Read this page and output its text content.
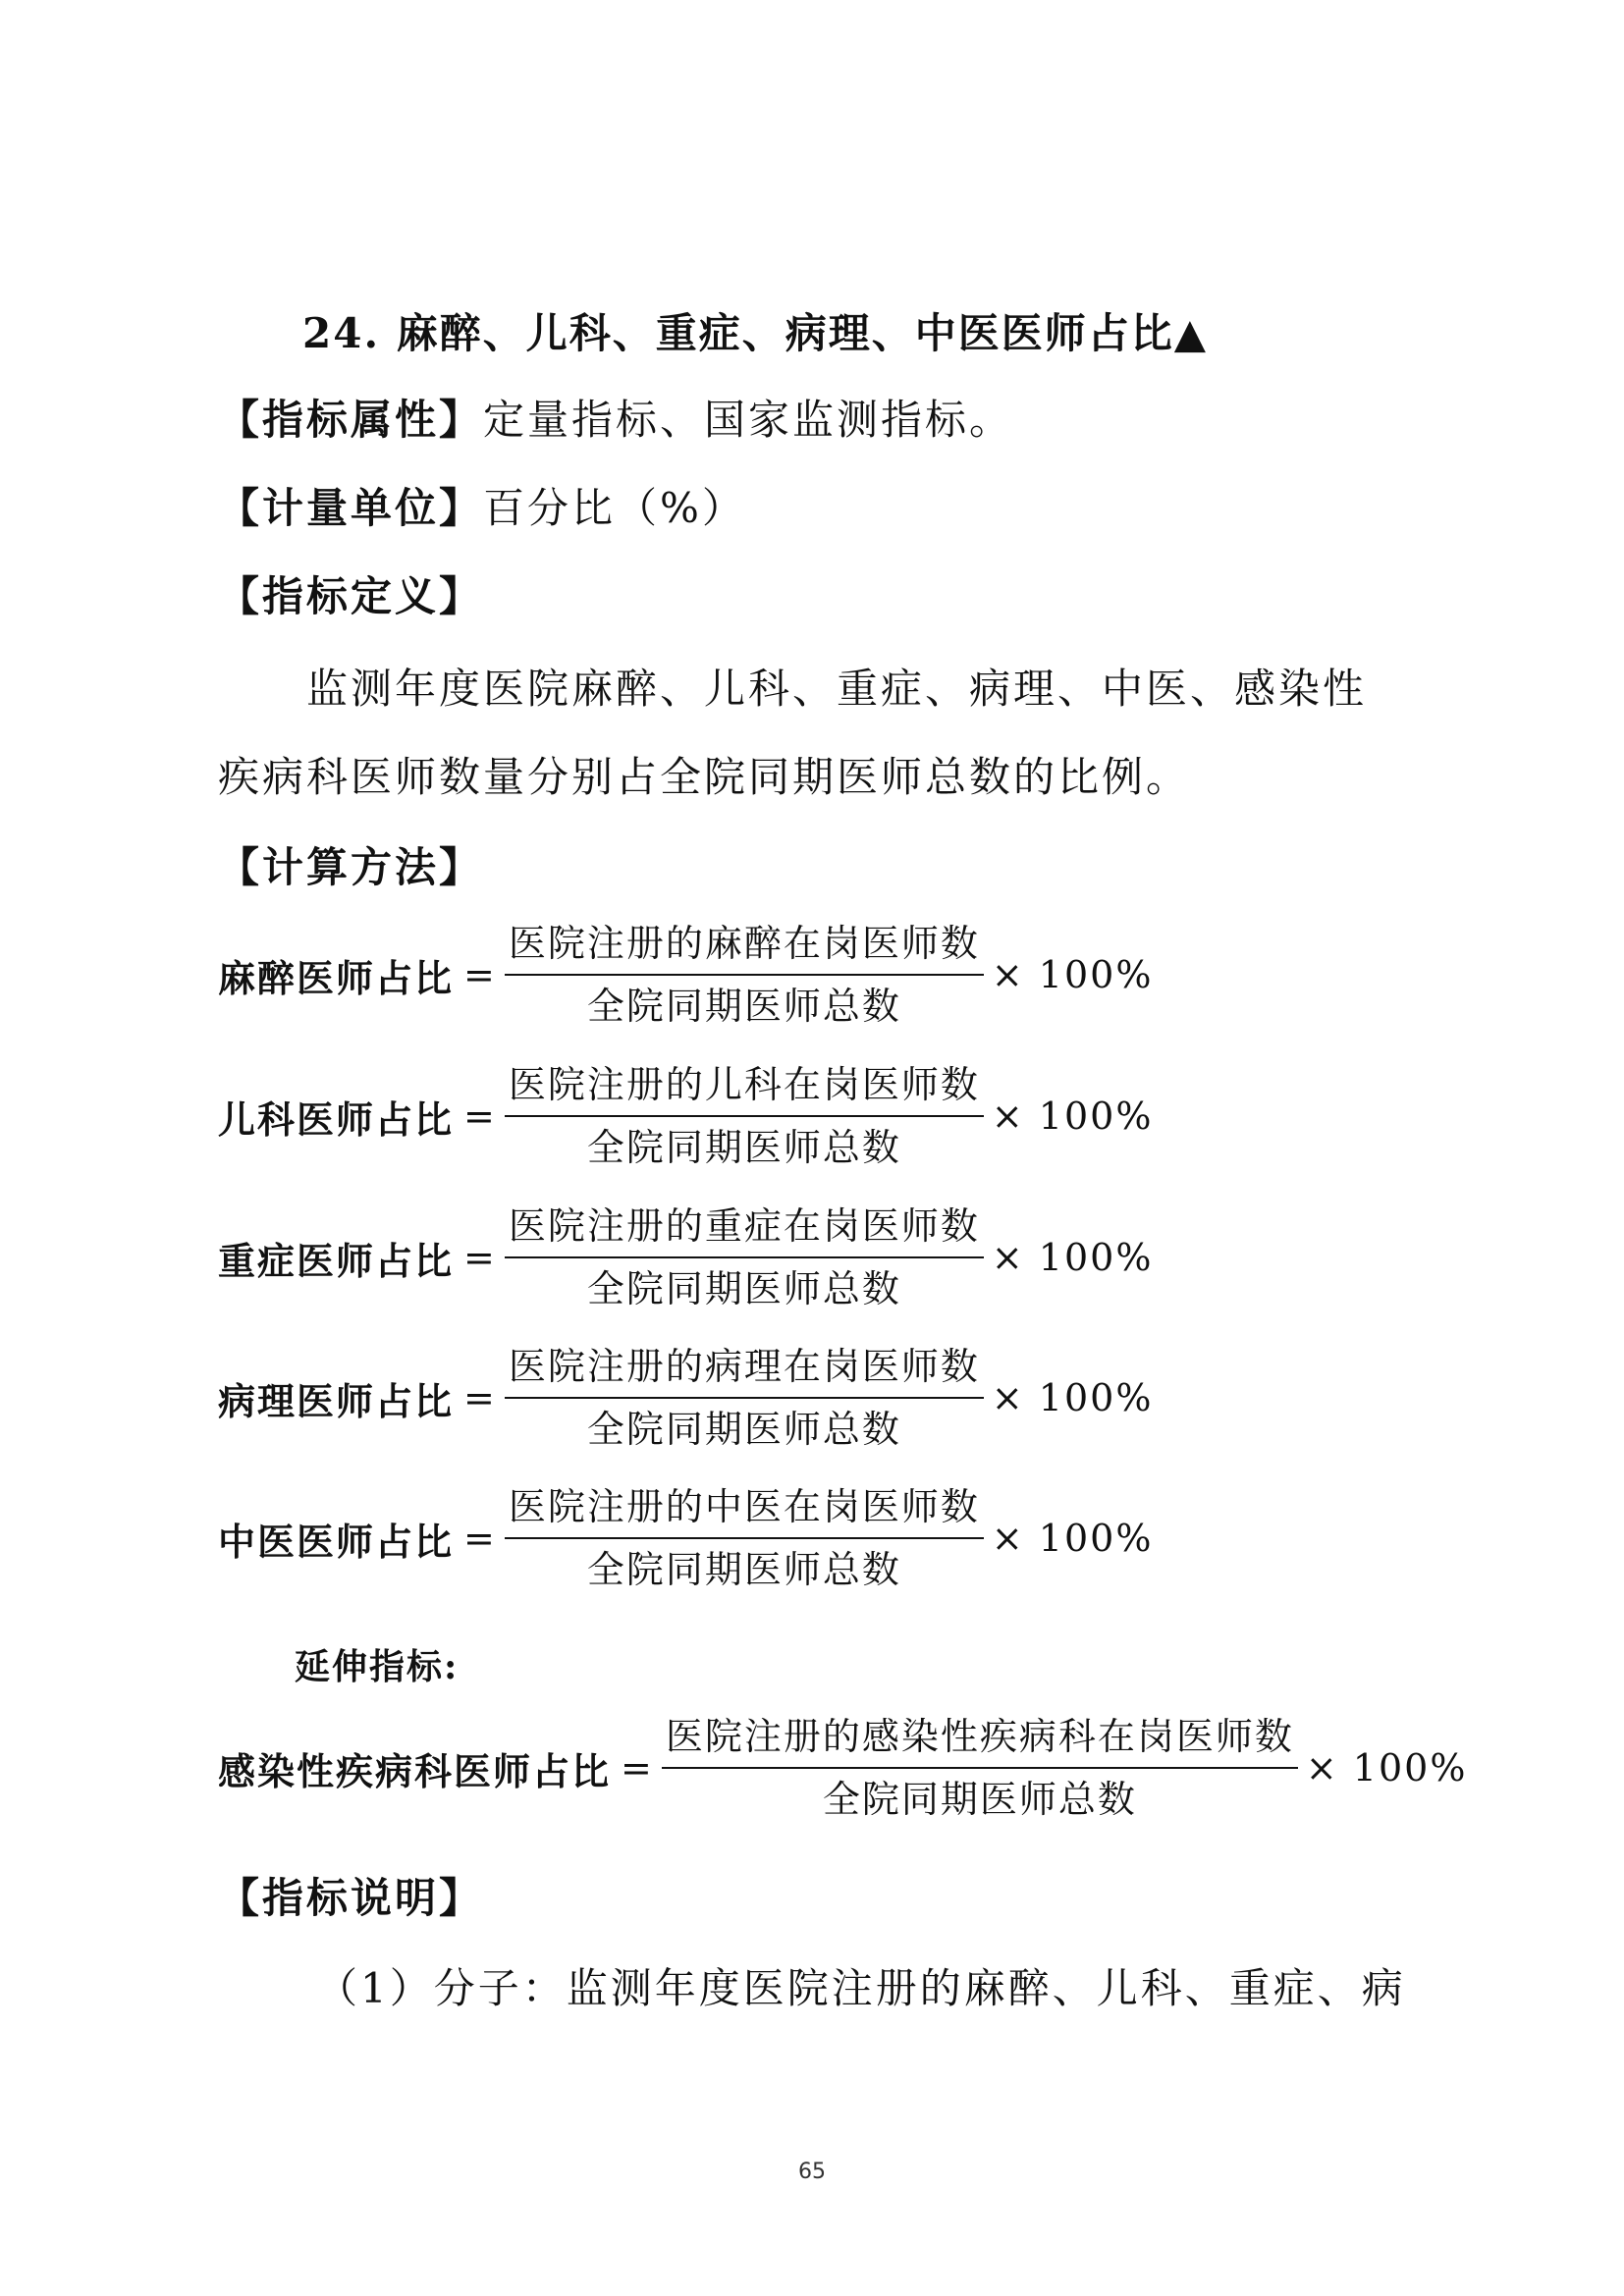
24. 麻醉、儿科、重症、病理、中医医师占比▲
【指标属性】定量指标、国家监测指标。
【计量单位】百分比（%）
【指标定义】
监测年度医院麻醉、儿科、重症、病理、中医、感染性
疾病科医师数量分别占全院同期医师总数的比例。
【计算方法】
麻醉医师占比 = $\frac{\text{医院注册的麻醉在岗医师数}}{\text{全院同期医师总数}} \times 100\%$
儿科医师占比 = $\frac{\text{医院注册的儿科在岗医师数}}{\text{全院同期医师总数}} \times 100\%$
重症医师占比 = $\frac{\text{医院注册的重症在岗医师数}}{\text{全院同期医师总数}} \times 100\%$
病理医师占比 = $\frac{\text{医院注册的病理在岗医师数}}{\text{全院同期医师总数}} \times 100\%$
中医医师占比 = $\frac{\text{医院注册的中医在岗医师数}}{\text{全院同期医师总数}} \times 100\%$
延伸指标:
感染性疾病科医师占比 = $\frac{\text{医院注册的感染性疾病科在岗医师数}}{\text{全院同期医师总数}} \times 100\%$
【指标说明】
（1）分子：监测年度医院注册的麻醉、儿科、重症、病
65
